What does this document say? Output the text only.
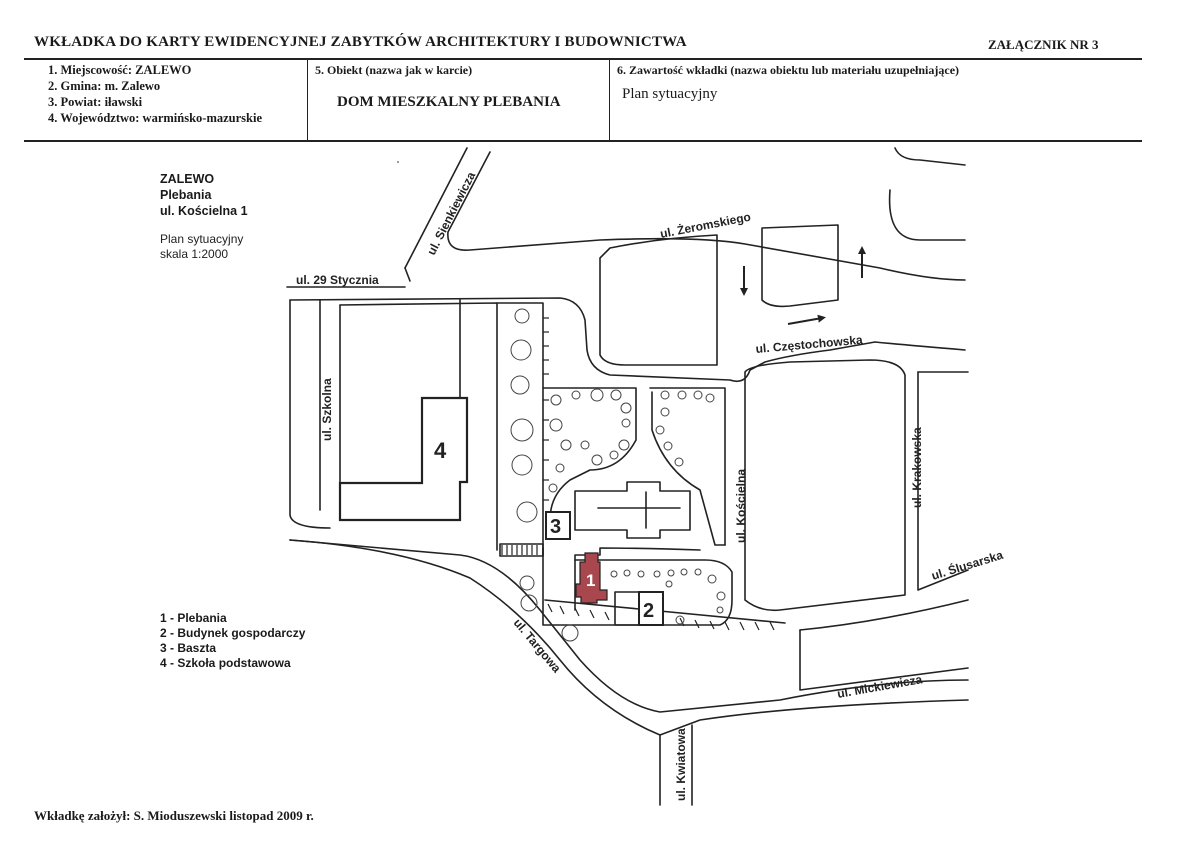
WKŁADKA DO KARTY EWIDENCYJNEJ ZABYTKÓW ARCHITEKTURY I BUDOWNICTWA	ZAŁĄCZNIK NR 3
1. Miejscowość: ZALEWO
2. Gmina: m. Zalewo
3. Powiat: iławski
4. Województwo: warmińsko-mazurskie
5. Obiekt (nazwa jak w karcie)
DOM MIESZKALNY PLEBANIA
6. Zawartość wkładki (nazwa obiektu lub materiału uzupełniające)
Plan sytuacyjny
ZALEWO
Plebania
ul. Kościelna 1
Plan sytuacyjny
skala 1:2000
1
2
3
4
ul. Sienkiewicza	ul. Żeromskiego
ul. 29 Stycznia
ul. Szkolna
ul. Częstochowska
ul. Kościelna	ul. Krakowska
ul. Ślusarska
ul. Targowa
ul. Mickiewicza
ul. Kwiatowa
1 - Plebania
2 - Budynek gospodarczy
3 - Baszta
4 - Szkoła podstawowa
Wkładkę założył: S. Mioduszewski listopad 2009 r.
